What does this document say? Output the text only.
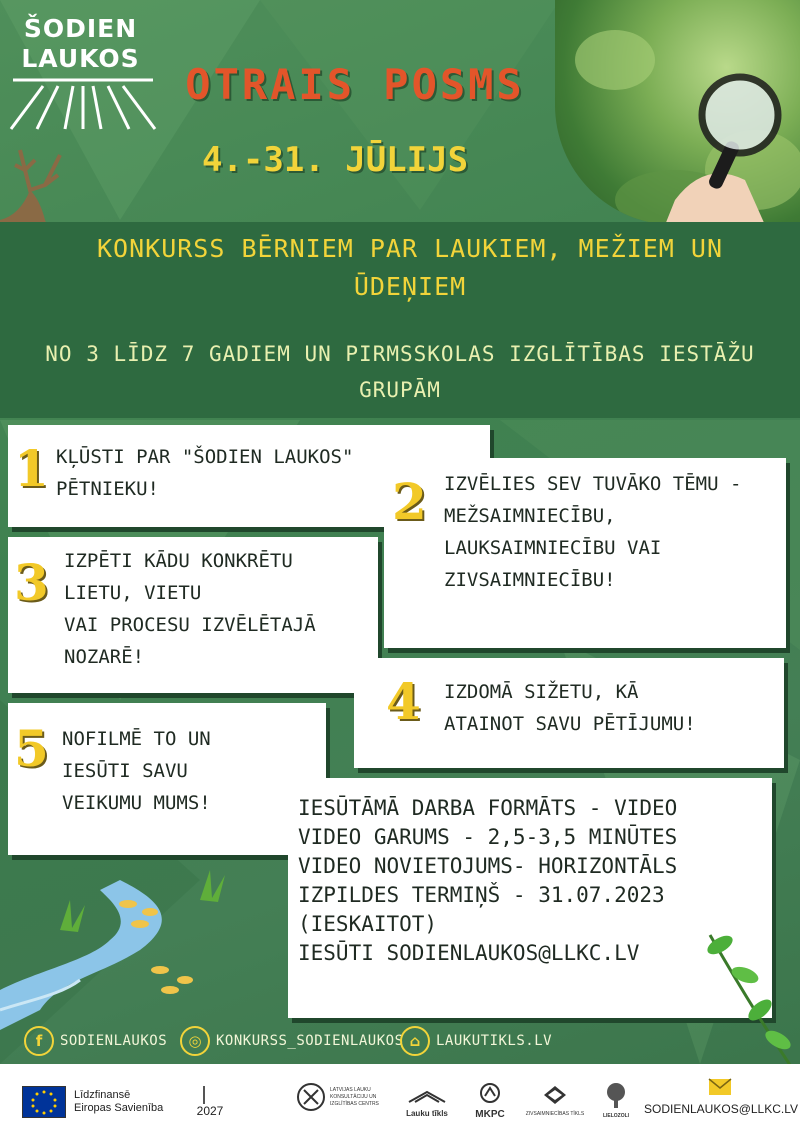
ŠODIEN
LAUKOS
OTRAIS POSMS
4.-31. JŪLIJS
KONKURSS BĒRNIEM PAR LAUKIEM, MEŽIEM UN ŪDEŅIEM
NO 3 LĪDZ 7 GADIEM UN PIRMSSKOLAS IZGLĪTĪBAS IESTĀŽU GRUPĀM
1 KĻŪSTI PAR "ŠODIEN LAUKOS"
PĒTNIEKU!	2 IZVĒLIES SEV TUVĀKO TĒMU -
MEŽSAIMNIECĪBU,
LAUKSAIMNIECĪBU VAI
ZIVSAIMNIECĪBU!
3 IZPĒTI KĀDU KONKRĒTU
LIETU, VIETU
VAI PROCESU IZVĒLĒTAJĀ
NOZARĒ!
4 IZDOMĀ SIŽETU, KĀ
ATAINOT SAVU PĒTĪJUMU!
5 NOFILMĒ TO UN
IESŪTI SAVU
VEIKUMU MUMS!	IESŪTĀMĀ DARBA FORMĀTS - VIDEO
VIDEO GARUMS - 2,5-3,5 MINŪTES
VIDEO NOVIETOJUMS- HORIZONTĀLS
IZPILDES TERMIŅŠ - 31.07.2023
(IESKAITOT)
IESŪTI SODIENLAUKOS@LLKC.LV
f	SODIENLAUKOS	◎	KONKURSS_SODIENLAUKOS ⌂	LAUKUTIKLS.LV
Līdzfinansē
Eiropas Savienība	2027
LATVIJAS LAUKU
KONSULTĀCIJU UN
IZGLĪTĪBAS CENTRS
Lauku tīkls	MKPC	ZIVSAIMNIECĪBAS TĪKLS	LIELOZOLI	SODIENLAUKOS@LLKC.LV
